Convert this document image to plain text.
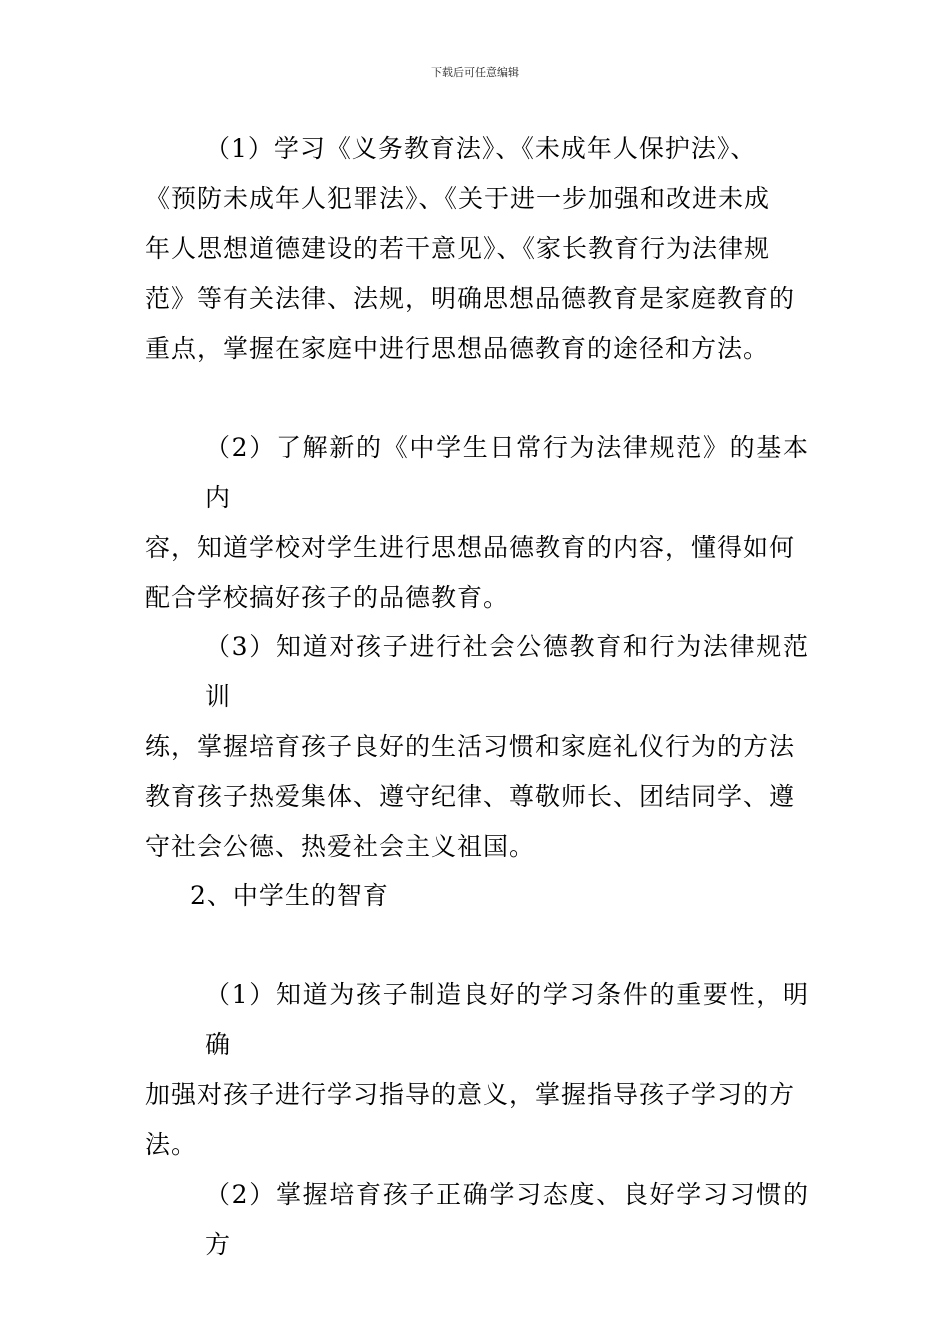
下载后可任意编辑
（1）学习《义务教育法》、《未成年人保护法》、
《预防未成年人犯罪法》、《关于进一步加强和改进未成
年人思想道德建设的若干意见》、《家长教育行为法律规
范》等有关法律、法规，明确思想品德教育是家庭教育的
重点，掌握在家庭中进行思想品德教育的途径和方法。
（2）了解新的《中学生日常行为法律规范》的基本内
容，知道学校对学生进行思想品德教育的内容，懂得如何
配合学校搞好孩子的品德教育。
（3）知道对孩子进行社会公德教育和行为法律规范训
练，掌握培育孩子良好的生活习惯和家庭礼仪行为的方法
教育孩子热爱集体、遵守纪律、尊敬师长、团结同学、遵
守社会公德、热爱社会主义祖国。
2、中学生的智育
（1）知道为孩子制造良好的学习条件的重要性，明确
加强对孩子进行学习指导的意义，掌握指导孩子学习的方
法。
（2）掌握培育孩子正确学习态度、良好学习习惯的方
